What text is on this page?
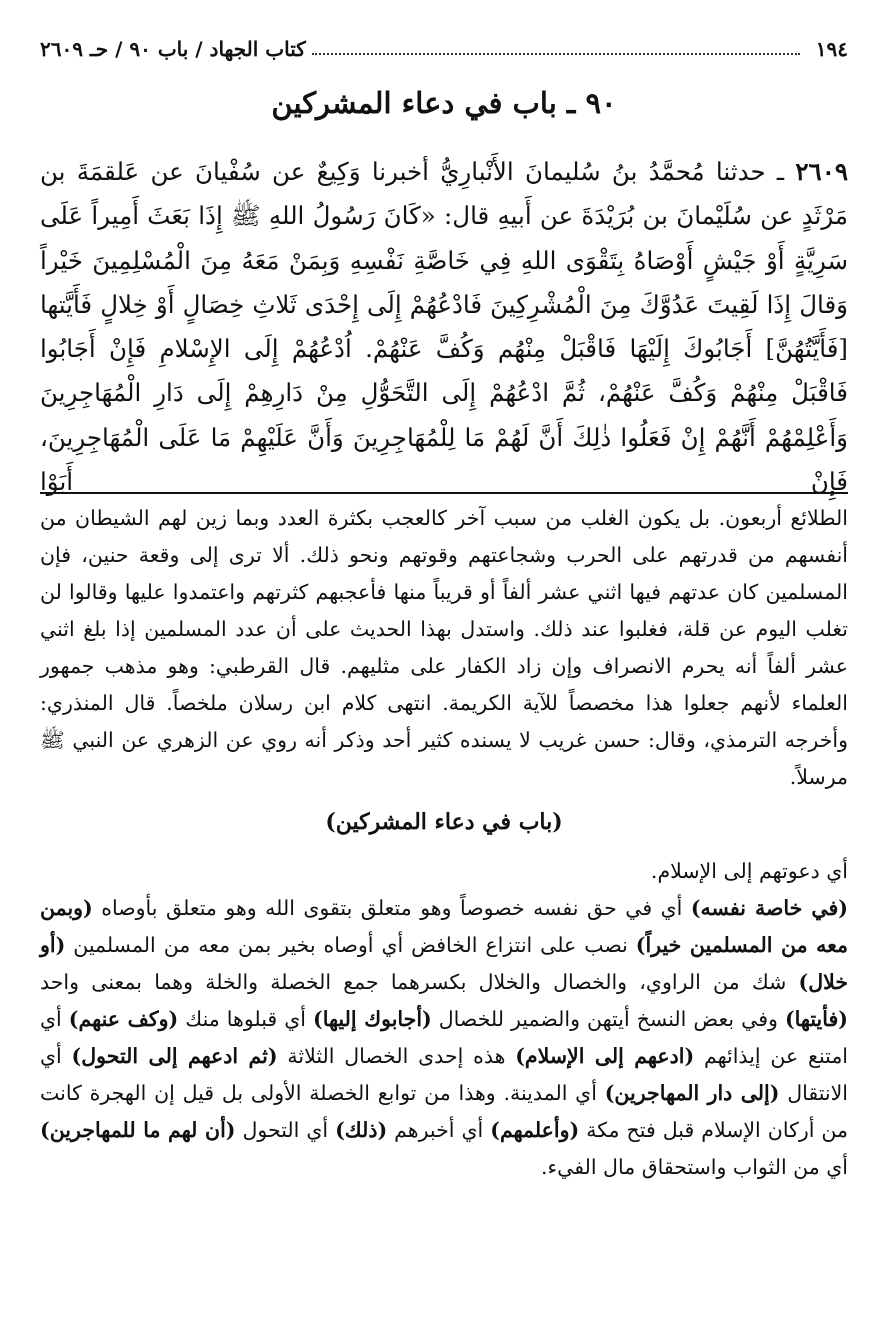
١٩٤
كتاب الجهاد / باب ٩٠ / حـ ٢٦٠٩
٩٠ ـ باب في دعاء المشركين
٢٦٠٩ ـ حدثنا مُحمَّدُ بنُ سُليمانَ الأَنْبارِيُّ أخبرنا وَكِيعٌ عن سُفْيانَ عن عَلقمَةَ بن مَرْثَدٍ عن سُلَيْمانَ بن بُرَيْدَةَ عن أَبيهِ قال: «كَانَ رَسُولُ اللهِ ﷺ إِذَا بَعَثَ أَمِيراً عَلَى سَرِيَّةٍ أَوْ جَيْشٍ أَوْصَاهُ بِتَقْوَى اللهِ فِي خَاصَّةِ نَفْسِهِ وَبِمَنْ مَعَهُ مِنَ الْمُسْلِمِينَ خَيْراً وَقالَ إِذَا لَقِيتَ عَدُوَّكَ مِنَ الْمُشْرِكِينَ فَادْعُهُمْ إِلَى إِحْدَى ثَلاثِ خِصَالٍ أَوْ خِلالٍ فَأَيَّتها [فَأَيَّتُهُنَّ] أَجَابُوكَ إِلَيْهَا فَاقْبَلْ مِنْهُم وَكُفَّ عَنْهُمْ. اُدْعُهُمْ إِلَى الإِسْلامِ فَإِنْ أَجَابُوا فَاقْبَلْ مِنْهُمْ وَكُفَّ عَنْهُمْ، ثُمَّ ادْعُهُمْ إِلَى التَّحَوُّلِ مِنْ دَارِهِمْ إِلَى دَارِ الْمُهَاجِرِينَ وَأَعْلِمْهُمْ أَنَّهُمْ إِنْ فَعَلُوا ذٰلِكَ أَنَّ لَهُمْ مَا لِلْمُهَاجِرِينَ وَأَنَّ عَلَيْهِمْ مَا عَلَى الْمُهَاجِرِينَ، فَإِنْ أَبَوْا

الطلائع أربعون. بل يكون الغلب من سبب آخر كالعجب بكثرة العدد وبما زين لهم الشيطان من أنفسهم من قدرتهم على الحرب وشجاعتهم وقوتهم ونحو ذلك. ألا ترى إلى وقعة حنين، فإن المسلمين كان عدتهم فيها اثني عشر ألفاً أو قريباً منها فأعجبهم كثرتهم واعتمدوا عليها وقالوا لن تغلب اليوم عن قلة، فغلبوا عند ذلك. واستدل بهذا الحديث على أن عدد المسلمين إذا بلغ اثني عشر ألفاً أنه يحرم الانصراف وإن زاد الكفار على مثليهم. قال القرطبي: وهو مذهب جمهور العلماء لأنهم جعلوا هذا مخصصاً للآية الكريمة. انتهى كلام ابن رسلان ملخصاً. قال المنذري: وأخرجه الترمذي، وقال: حسن غريب لا يسنده كثير أحد وذكر أنه روي عن الزهري عن النبي ﷺ مرسلاً.

(باب في دعاء المشركين)

أي دعوتهم إلى الإسلام.

(في خاصة نفسه) أي في حق نفسه خصوصاً وهو متعلق بتقوى الله وهو متعلق بأوصاه (وبمن معه من المسلمين خيراً) نصب على انتزاع الخافض أي أوصاه بخير بمن معه من المسلمين (أو خلال) شك من الراوي، والخصال والخلال بكسرهما جمع الخصلة والخلة وهما بمعنى واحد (فأيتها) وفي بعض النسخ أيتهن والضمير للخصال (أجابوك إليها) أي قبلوها منك (وكف عنهم) أي امتنع عن إيذائهم (ادعهم إلى الإسلام) هذه إحدى الخصال الثلاثة (ثم ادعهم إلى التحول) أي الانتقال (إلى دار المهاجرين) أي المدينة. وهذا من توابع الخصلة الأولى بل قيل إن الهجرة كانت من أركان الإسلام قبل فتح مكة (وأعلمهم) أي أخبرهم (ذلك) أي التحول (أن لهم ما للمهاجرين) أي من الثواب واستحقاق مال الفيء.
